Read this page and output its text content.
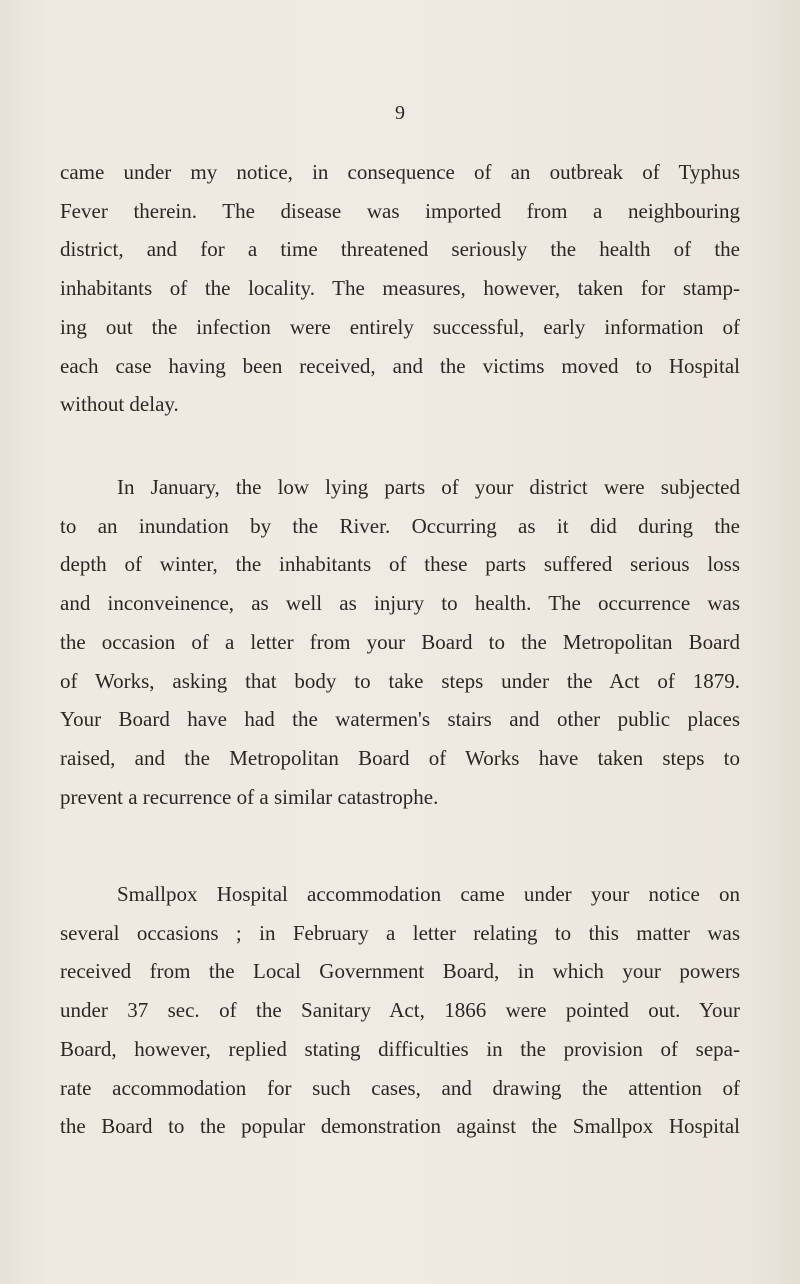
9
came under my notice, in consequence of an outbreak of Typhus
Fever therein. The disease was imported from a neighbouring
district, and for a time threatened seriously the health of the
inhabitants of the locality. The measures, however, taken for stamp-
ing out the infection were entirely successful, early information of
each case having been received, and the victims moved to Hospital
without delay.
In January, the low lying parts of your district were subjected
to an inundation by the River. Occurring as it did during the
depth of winter, the inhabitants of these parts suffered serious loss
and inconveinence, as well as injury to health. The occurrence was
the occasion of a letter from your Board to the Metropolitan Board
of Works, asking that body to take steps under the Act of 1879.
Your Board have had the watermen's stairs and other public places
raised, and the Metropolitan Board of Works have taken steps to
prevent a recurrence of a similar catastrophe.
Smallpox Hospital accommodation came under your notice on
several occasions ; in February a letter relating to this matter was
received from the Local Government Board, in which your powers
under 37 sec. of the Sanitary Act, 1866 were pointed out. Your
Board, however, replied stating difficulties in the provision of sepa-
rate accommodation for such cases, and drawing the attention of
the Board to the popular demonstration against the Smallpox Hospital
